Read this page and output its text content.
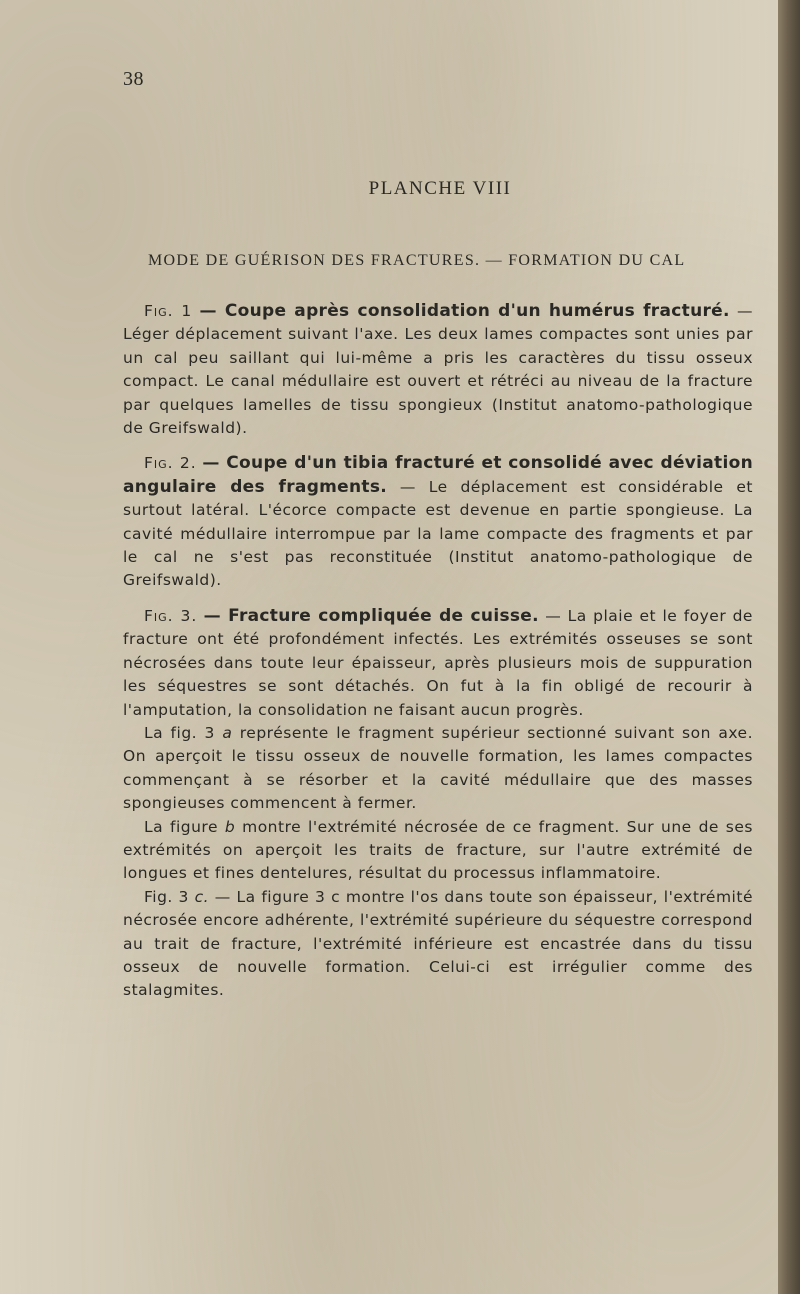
38
PLANCHE VIII
MODE DE GUÉRISON DES FRACTURES. — FORMATION DU CAL

Fig. 1 — Coupe après consolidation d'un humérus fracturé. — Léger déplacement suivant l'axe. Les deux lames compactes sont unies par un cal peu saillant qui lui-même a pris les caractères du tissu osseux compact. Le canal médullaire est ouvert et rétréci au niveau de la fracture par quelques lamelles de tissu spongieux (Institut anatomo-pathologique de Greifswald).

Fig. 2. — Coupe d'un tibia fracturé et consolidé avec déviation angulaire des fragments. — Le déplacement est considérable et surtout latéral. L'écorce compacte est devenue en partie spongieuse. La cavité médullaire interrompue par la lame compacte des fragments et par le cal ne s'est pas reconstituée (Institut anatomo-pathologique de Greifswald).

Fig. 3. — Fracture compliquée de cuisse. — La plaie et le foyer de fracture ont été profondément infectés. Les extrémités osseuses se sont nécrosées dans toute leur épaisseur, après plusieurs mois de suppuration les séquestres se sont détachés. On fut à la fin obligé de recourir à l'amputation, la consolidation ne faisant aucun progrès.

La fig. 3 a représente le fragment supérieur sectionné suivant son axe. On aperçoit le tissu osseux de nouvelle formation, les lames compactes commençant à se résorber et la cavité médullaire que des masses spongieuses commencent à fermer.

La figure b montre l'extrémité nécrosée de ce fragment. Sur une de ses extrémités on aperçoit les traits de fracture, sur l'autre extrémité de longues et fines dentelures, résultat du processus inflammatoire.

Fig. 3 c. — La figure 3 c montre l'os dans toute son épaisseur, l'extrémité nécrosée encore adhérente, l'extrémité supérieure du séquestre correspond au trait de fracture, l'extrémité inférieure est encastrée dans du tissu osseux de nouvelle formation. Celui-ci est irrégulier comme des stalagmites.
